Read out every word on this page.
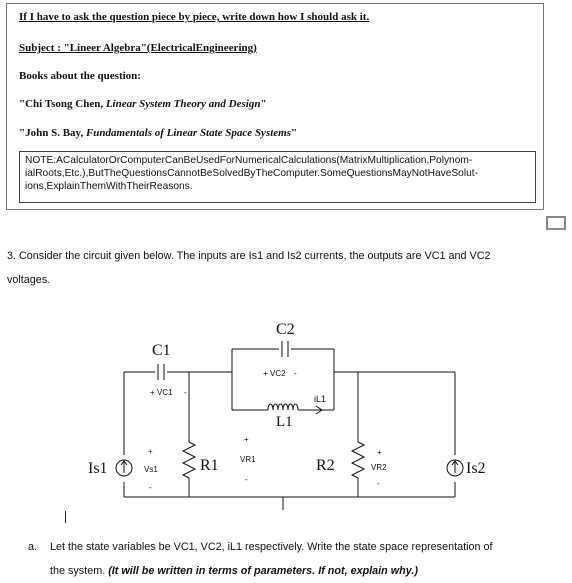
If I have to ask the question piece by piece, write down how I should ask it.
Subject : "Lineer Algebra"(ElectricalEngineering)
Books about the question:
"Chi Tsong Chen, Linear System Theory and Design"
"John S. Bay, Fundamentals of Linear State Space Systems"
NOTE:ACalculatorOrComputerCanBeUsedForNumericalCalculations(MatrixMultiplication,Polynom-
ialRoots,Etc.),ButTheQuestionsCannotBeSolvedByTheComputer.SomeQuestionsMayNotHaveSolut-
ions,ExplainThemWithTheirReasons.
3. Consider the circuit given below. The inputs are Is1 and Is2 currents, the outputs are VC1 and VC2
voltages.
C1
C2
L1
iL1
R1	R2
Is1	Is2
+ VC1 -
+ VC2 -
+
Vs1
-
+
VR1
-
+
VR2
-
a. Let the state variables be VC1, VC2, iL1 respectively. Write the state space representation of
the system. (It will be written in terms of parameters. If not, explain why.)
